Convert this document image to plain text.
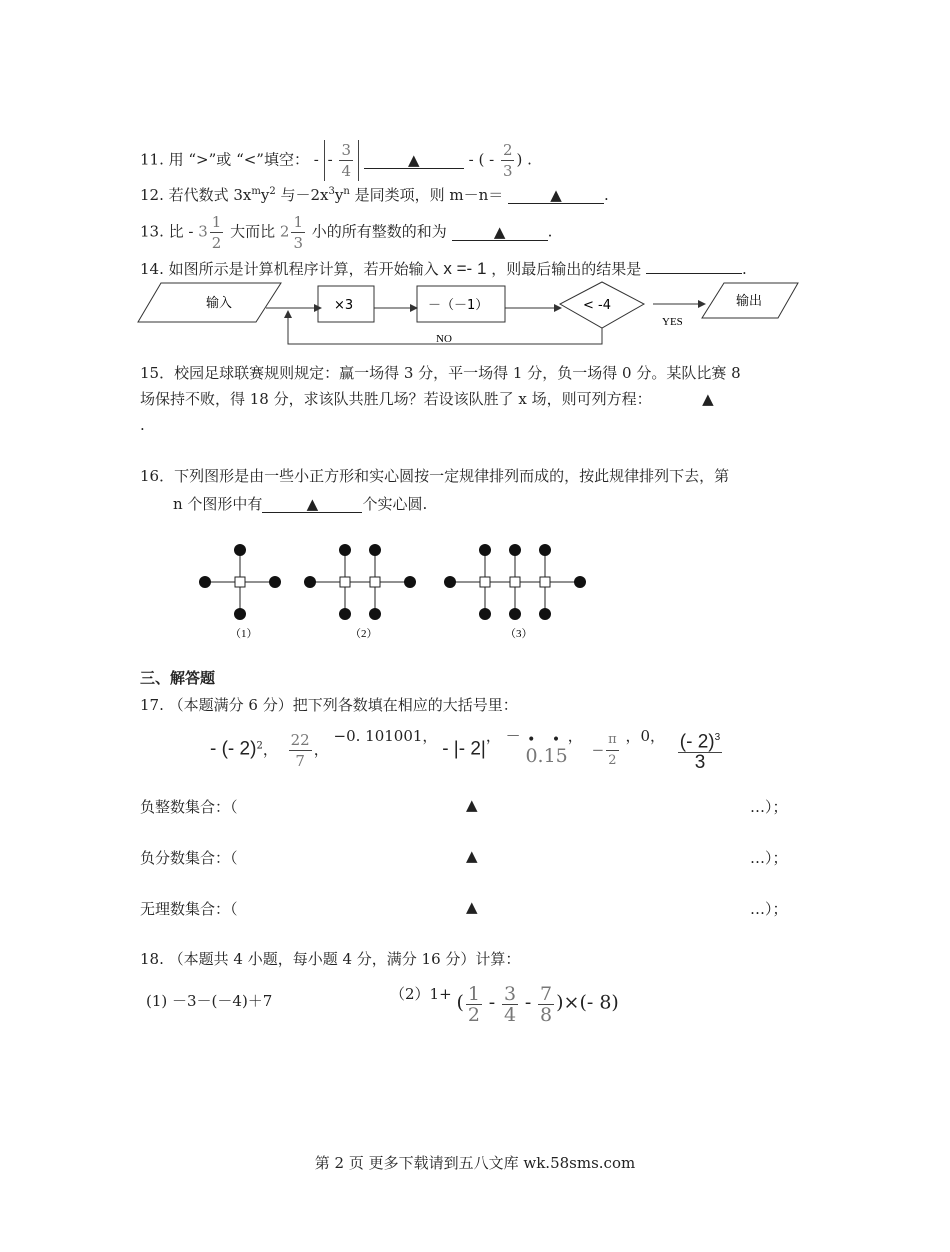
11. 用 “>”或 “<”填空： - - $\frac{3}{4}$	▲	- ( - $\frac{2}{3}$ ) .
12. 若代数式 $3x^my^2$ 与$-2x^3y^n$ 是同类项，则 m－n＝	▲	.
13. 比 - $3 \frac{1}{2}$ 大而比 $2 \frac{1}{3}$ 小的所有整数的和为	▲	.
14. 如图所示是计算机程序计算，若开始输入 x =- 1 ，则最后输出的结果是	.
输入	×3	－（－1）	< -4
YES
输出
NO
15．校园足球联赛规则规定：赢一场得 3 分，平一场得 1 分，负一场得 0 分。某队比赛 8
场保持不败，得 18 分，求该队共胜几场？若设该队胜了 x 场，则可列方程：	▲
.
16．下列图形是由一些小正方形和实心圆按一定规律排列而成的，按此规律排列下去，第
n 个图形中有	▲	个实心圆.
（1）	（2）	（3）
三、解答题
17. （本题满分 6 分）把下列各数填在相应的大括号里：
- (- 2)$^2$， $\frac{22}{7}$ ， −0. 101001， - |- 2|， － • •
0.15
， − $\frac{\pi}{2}$ ，0， $\frac{(- 2)^3}{3}$
负整数集合：（	▲	…）；
负分数集合：（	▲	…）；
无理数集合：（	▲	…）；
18. （本题共 4 小题，每小题 4 分，满分 16 分）计算：
(1) －3－(－4)＋7	（2）1+ ( $\frac{1}{2} - \frac{3}{4} - \frac{7}{8}$ )×(- 8)
第 2 页 更多下载请到五八文库 wk.58sms.com
